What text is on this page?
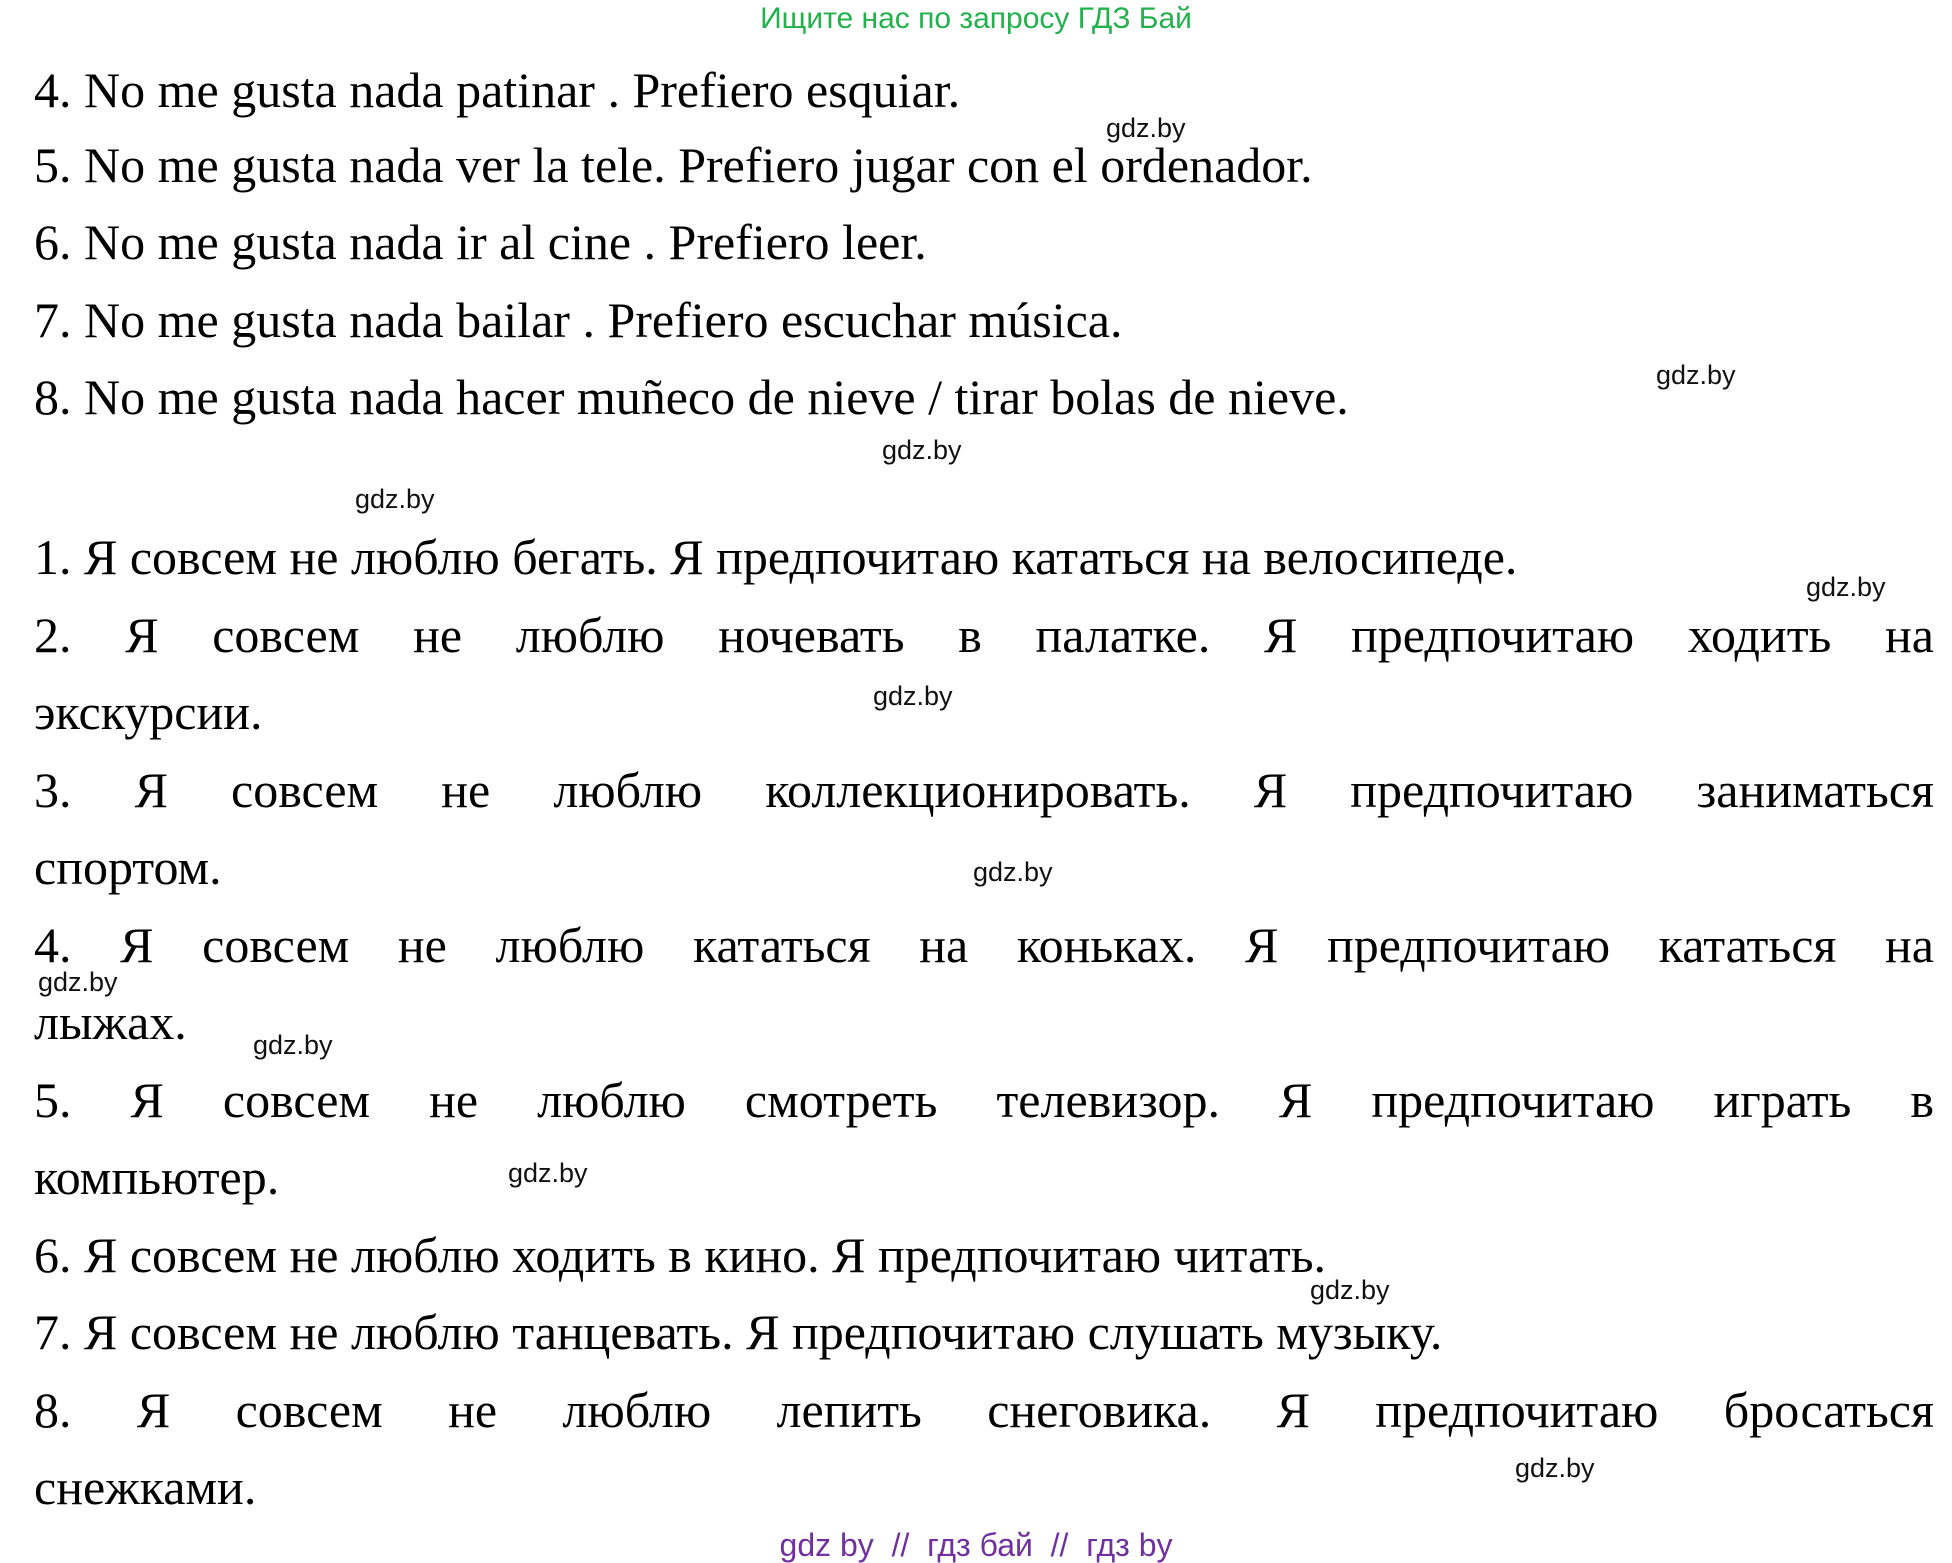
Ищите нас по запросу ГДЗ Бай
4. No me gusta nada patinar . Prefiero esquiar.
5. No me gusta nada ver la tele. Prefiero jugar con el ordenador.
6. No me gusta nada ir al cine . Prefiero leer.
7. No me gusta nada bailar . Prefiero escuchar música.
8. No me gusta nada hacer muñeco de nieve / tirar bolas de nieve.
1. Я совсем не люблю бегать. Я предпочитаю кататься на велосипеде.
2. Я совсем не люблю ночевать в палатке. Я предпочитаю ходить на
экскурсии.
3. Я совсем не люблю коллекционировать. Я предпочитаю заниматься
спортом.
4. Я совсем не люблю кататься на коньках. Я предпочитаю кататься на
лыжах.
5. Я совсем не люблю смотреть телевизор. Я предпочитаю играть в
компьютер.
6. Я совсем не люблю ходить в кино. Я предпочитаю читать.
7. Я совсем не люблю танцевать. Я предпочитаю слушать музыку.
8. Я совсем не люблю лепить снеговика. Я предпочитаю бросаться
снежками.
gdz.by
gdz.by
gdz.by
gdz.by
gdz.by
gdz.by
gdz.by
gdz.by
gdz.by
gdz.by
gdz.by
gdz.by
gdz by  //  гдз бай  //  гдз by
